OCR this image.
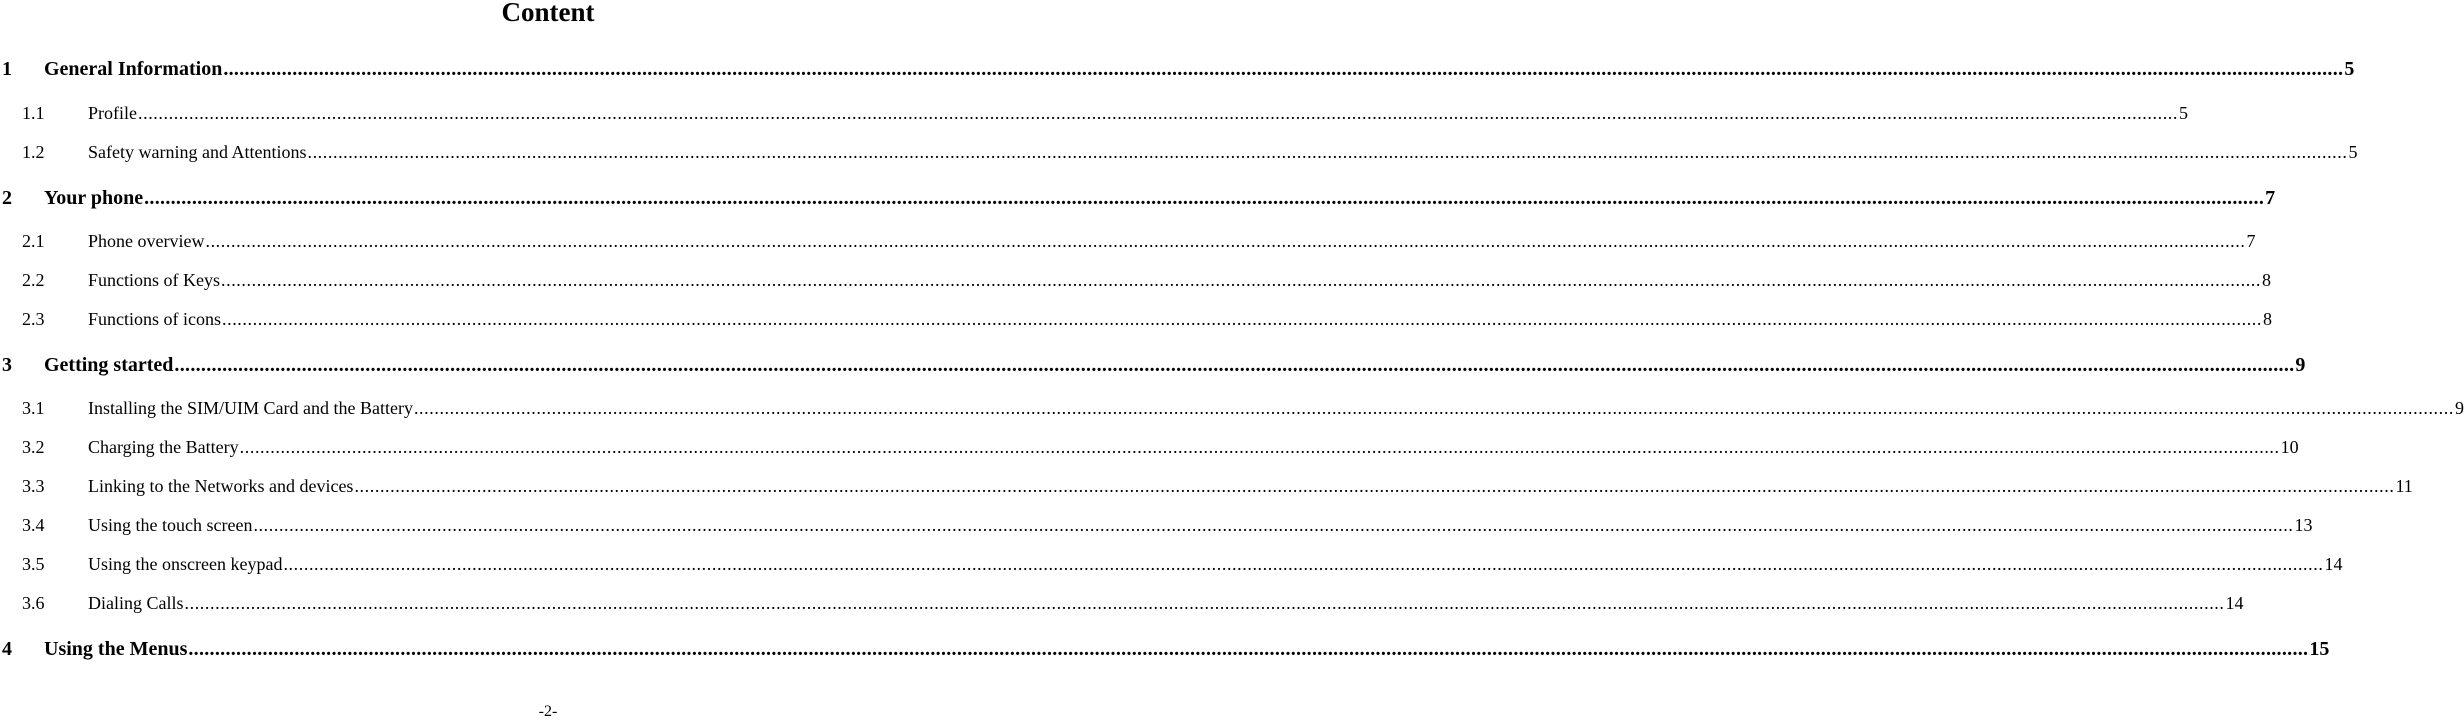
Content
1	General Information ................................................................................................................................................................................................................................................................................................................................................................................................................ 5
1.1	Profile ................................................................................................................................................................................................................................................................................................................................................................................................................ 5
1.2	Safety warning and Attentions ................................................................................................................................................................................................................................................................................................................................................................................................................ 5
2	Your phone ................................................................................................................................................................................................................................................................................................................................................................................................................ 7
2.1	Phone overview ................................................................................................................................................................................................................................................................................................................................................................................................................ 7
2.2	Functions of Keys ................................................................................................................................................................................................................................................................................................................................................................................................................ 8
2.3	Functions of icons ................................................................................................................................................................................................................................................................................................................................................................................................................ 8
3	Getting started ................................................................................................................................................................................................................................................................................................................................................................................................................ 9
3.1	Installing the SIM/UIM Card and the Battery ................................................................................................................................................................................................................................................................................................................................................................................................................ 9
3.2	Charging the Battery ................................................................................................................................................................................................................................................................................................................................................................................................................ 10
3.3	Linking to the Networks and devices ................................................................................................................................................................................................................................................................................................................................................................................................................ 11
3.4	Using the touch screen ................................................................................................................................................................................................................................................................................................................................................................................................................ 13
3.5	Using the onscreen keypad ................................................................................................................................................................................................................................................................................................................................................................................................................ 14
3.6	Dialing Calls ................................................................................................................................................................................................................................................................................................................................................................................................................ 14
4	Using the Menus ................................................................................................................................................................................................................................................................................................................................................................................................................ 15
-2-
